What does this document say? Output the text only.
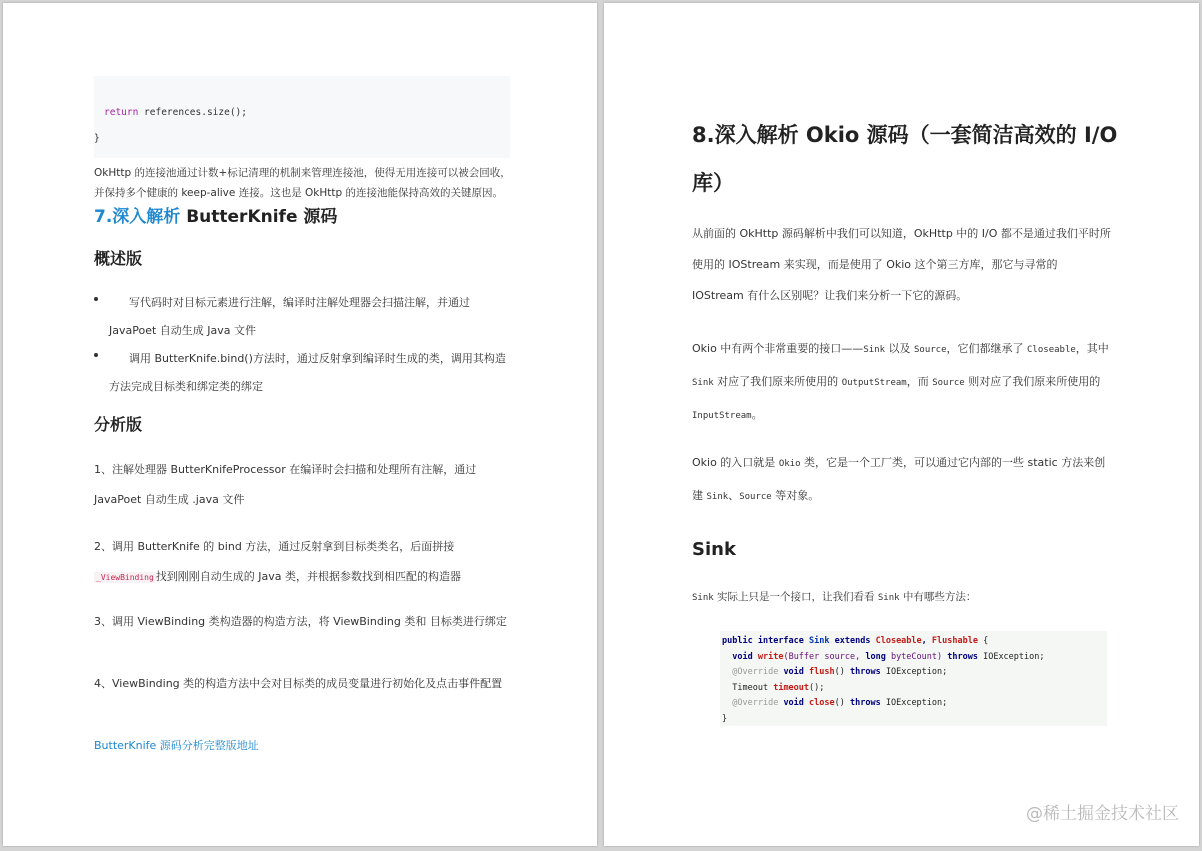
return references.size();
}
OkHttp 的连接池通过计数+标记清理的机制来管理连接池，使得无用连接可以被会回收，并保持多个健康的 keep-alive 连接。这也是 OkHttp 的连接池能保持高效的关键原因。
7.深入解析 ButterKnife 源码
概述版
写代码时对目标元素进行注解，编译时注解处理器会扫描注解，并通过 JavaPoet 自动生成 Java 文件
调用 ButterKnife.bind()方法时，通过反射拿到编译时生成的类，调用其构造方法完成目标类和绑定类的绑定
分析版
1、注解处理器 ButterKnifeProcessor 在编译时会扫描和处理所有注解，通过 JavaPoet 自动生成 .java 文件
2、调用 ButterKnife 的 bind 方法，通过反射拿到目标类类名，后面拼接
_ViewBinding 找到刚刚自动生成的 Java 类，并根据参数找到相匹配的构造器
3、调用 ViewBinding 类构造器的构造方法，将 ViewBinding 类和 目标类进行绑定
4、ViewBinding 类的构造方法中会对目标类的成员变量进行初始化及点击事件配置
ButterKnife 源码分析完整版地址
8.深入解析 Okio 源码（一套简洁高效的 I/O 库）
从前面的 OkHttp 源码解析中我们可以知道，OkHttp 中的 I/O 都不是通过我们平时所使用的 IOStream 来实现，而是使用了 Okio 这个第三方库，那它与寻常的 IOStream 有什么区别呢？让我们来分析一下它的源码。
Okio 中有两个非常重要的接口——Sink 以及 Source，它们都继承了 Closeable，其中 Sink 对应了我们原来所使用的 OutputStream，而 Source 则对应了我们原来所使用的 InputStream。
Okio 的入口就是 Okio 类，它是一个工厂类，可以通过它内部的一些 static 方法来创建 Sink、Source 等对象。
Sink
Sink 实际上只是一个接口，让我们看看 Sink 中有哪些方法：
public interface Sink extends Closeable, Flushable {
void write(Buffer source, long byteCount) throws IOException;
@Override void flush() throws IOException;
Timeout timeout();
@Override void close() throws IOException;
}
@稀土掘金技术社区
